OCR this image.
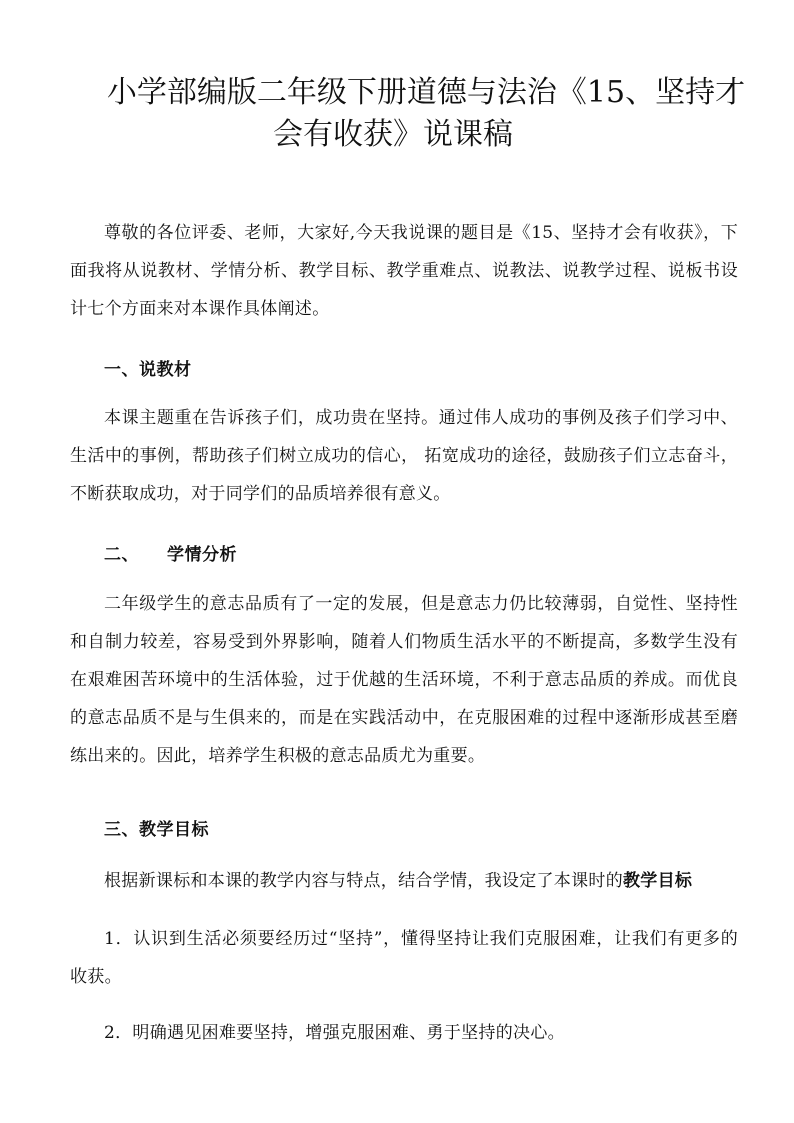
小学部编版二年级下册道德与法治《15、坚持才
会有收获》说课稿

尊敬的各位评委、老师，大家好,今天我说课的题目是《15、坚持才会有收获》，下面我将从说教材、学情分析、教学目标、教学重难点、说教法、说教学过程、说板书设计七个方面来对本课作具体阐述。

一、说教材

本课主题重在告诉孩子们，成功贵在坚持。通过伟人成功的事例及孩子们学习中、生活中的事例，帮助孩子们树立成功的信心， 拓宽成功的途径，鼓励孩子们立志奋斗，不断获取成功，对于同学们的品质培养很有意义。

二、 学情分析

二年级学生的意志品质有了一定的发展，但是意志力仍比较薄弱，自觉性、坚持性和自制力较差，容易受到外界影响，随着人们物质生活水平的不断提高，多数学生没有在艰难困苦环境中的生活体验，过于优越的生活环境，不利于意志品质的养成。而优良的意志品质不是与生俱来的，而是在实践活动中，在克服困难的过程中逐渐形成甚至磨练出来的。因此，培养学生积极的意志品质尤为重要。

三、教学目标

根据新课标和本课的教学内容与特点，结合学情，我设定了本课时的教学目标

1．认识到生活必须要经历过“坚持”，懂得坚持让我们克服困难，让我们有更多的收获。

2．明确遇见困难要坚持，增强克服困难、勇于坚持的决心。
